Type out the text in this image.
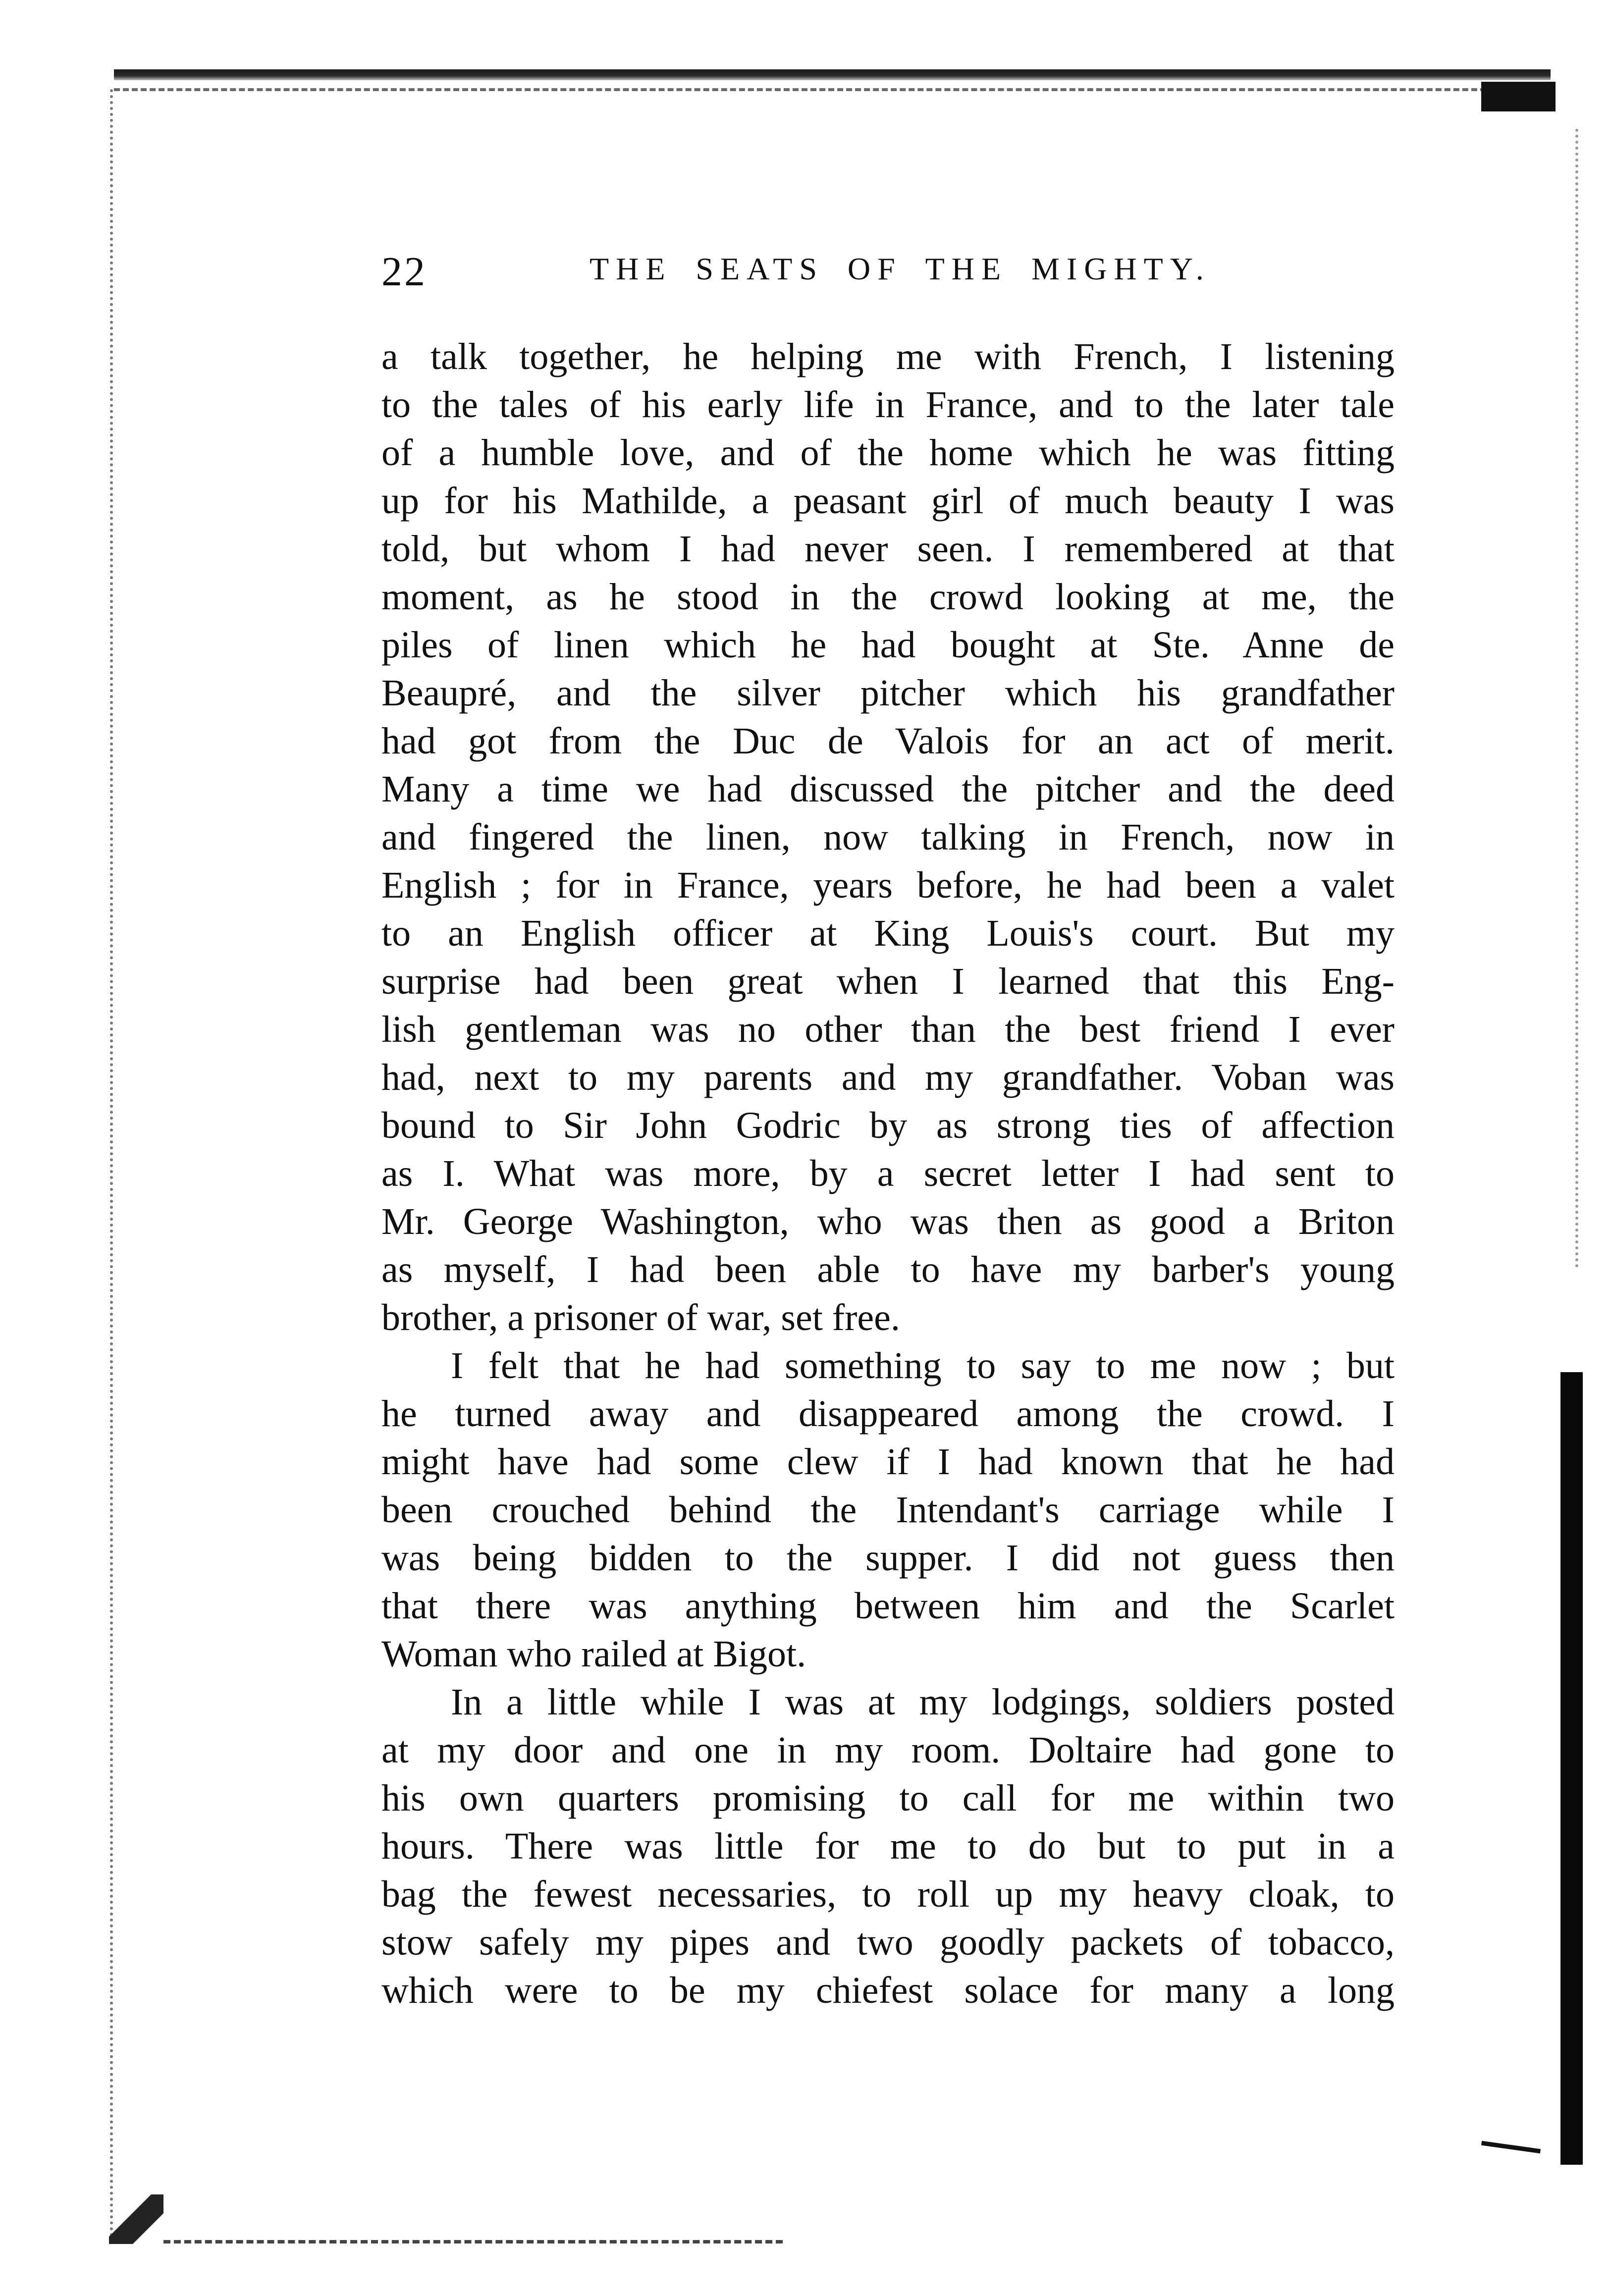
22	THE SEATS OF THE MIGHTY.
a talk together, he helping me with French, I listening
to the tales of his early life in France, and to the later tale
of a humble love, and of the home which he was fitting
up for his Mathilde, a peasant girl of much beauty I was
told, but whom I had never seen. I remembered at that
moment, as he stood in the crowd looking at me, the
piles of linen which he had bought at Ste. Anne de
Beaupré, and the silver pitcher which his grandfather
had got from the Duc de Valois for an act of merit.
Many a time we had discussed the pitcher and the deed
and fingered the linen, now talking in French, now in
English ; for in France, years before, he had been a valet
to an English officer at King Louis's court. But my
surprise had been great when I learned that this Eng-
lish gentleman was no other than the best friend I ever
had, next to my parents and my grandfather. Voban was
bound to Sir John Godric by as strong ties of affection
as I. What was more, by a secret letter I had sent to
Mr. George Washington, who was then as good a Briton
as myself, I had been able to have my barber's young
brother, a prisoner of war, set free.
I felt that he had something to say to me now ; but
he turned away and disappeared among the crowd. I
might have had some clew if I had known that he had
been crouched behind the Intendant's carriage while I
was being bidden to the supper. I did not guess then
that there was anything between him and the Scarlet
Woman who railed at Bigot.
In a little while I was at my lodgings, soldiers posted
at my door and one in my room. Doltaire had gone to
his own quarters promising to call for me within two
hours. There was little for me to do but to put in a
bag the fewest necessaries, to roll up my heavy cloak, to
stow safely my pipes and two goodly packets of tobacco,
which were to be my chiefest solace for many a long
